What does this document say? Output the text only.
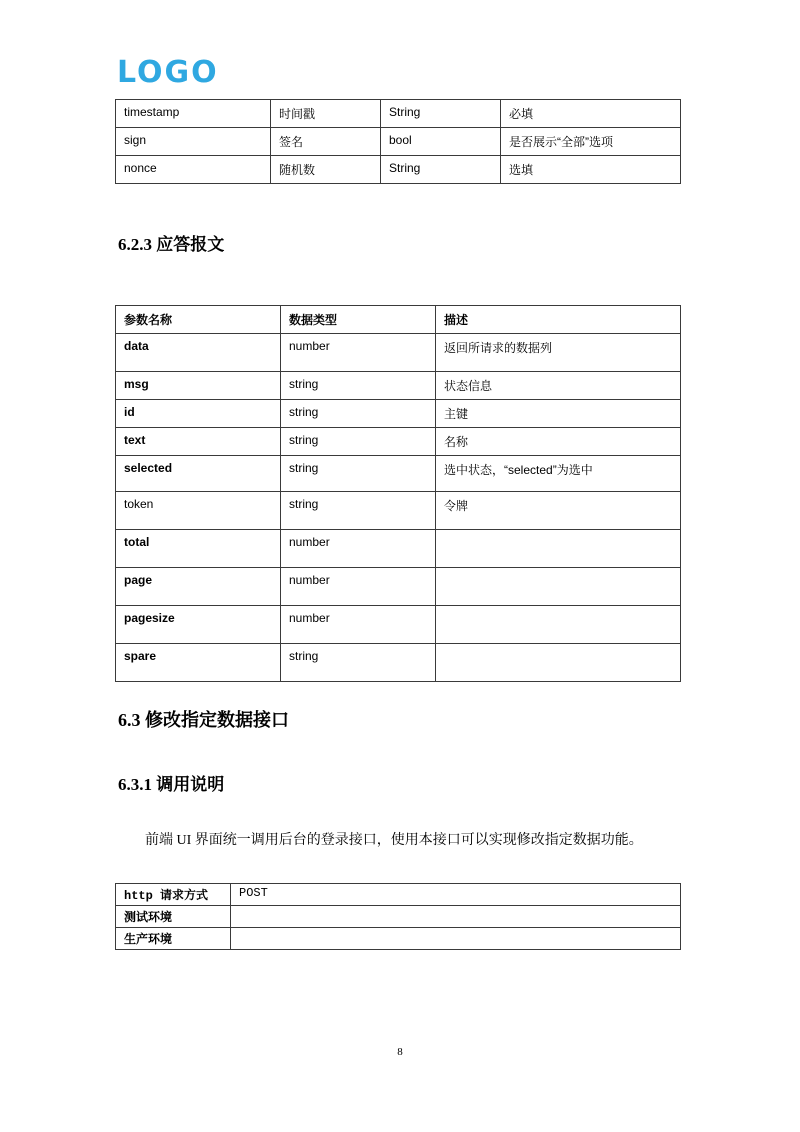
LOGO
timestamp	时间戳	String	必填
sign	签名	bool	是否展示“全部”选项
nonce	随机数	String	选填
6.2.3 应答报文
参数名称	数据类型	描述
data	number	返回所请求的数据列
msg	string	状态信息
id	string	主键
text	string	名称
selected	string	选中状态，“selected”为选中
token	string	令牌
total	number	
page	number	
pagesize	number	
spare	string	
6.3 修改指定数据接口
6.3.1 调用说明
前端 UI 界面统一调用后台的登录接口，使用本接口可以实现修改指定数据功能。
http 请求方式	POST
测试环境	
生产环境	
8
